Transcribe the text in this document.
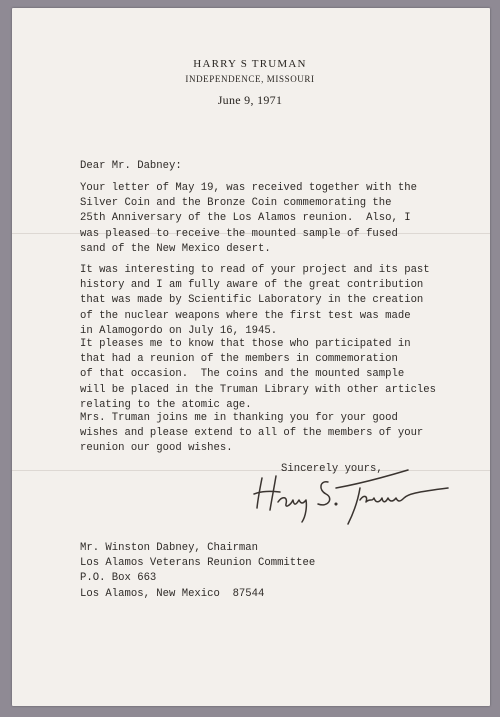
HARRY S TRUMAN
INDEPENDENCE, MISSOURI
June 9, 1971
Dear Mr. Dabney:
Your letter of May 19, was received together with the
Silver Coin and the Bronze Coin commemorating the
25th Anniversary of the Los Alamos reunion.  Also, I
was pleased to receive the mounted sample of fused
sand of the New Mexico desert.
It was interesting to read of your project and its past
history and I am fully aware of the great contribution
that was made by Scientific Laboratory in the creation
of the nuclear weapons where the first test was made
in Alamogordo on July 16, 1945.
It pleases me to know that those who participated in
that had a reunion of the members in commemoration
of that occasion.  The coins and the mounted sample
will be placed in the Truman Library with other articles
relating to the atomic age.
Mrs. Truman joins me in thanking you for your good
wishes and please extend to all of the members of your
reunion our good wishes.
Sincerely yours,
Mr. Winston Dabney, Chairman
Los Alamos Veterans Reunion Committee
P.O. Box 663
Los Alamos, New Mexico  87544
